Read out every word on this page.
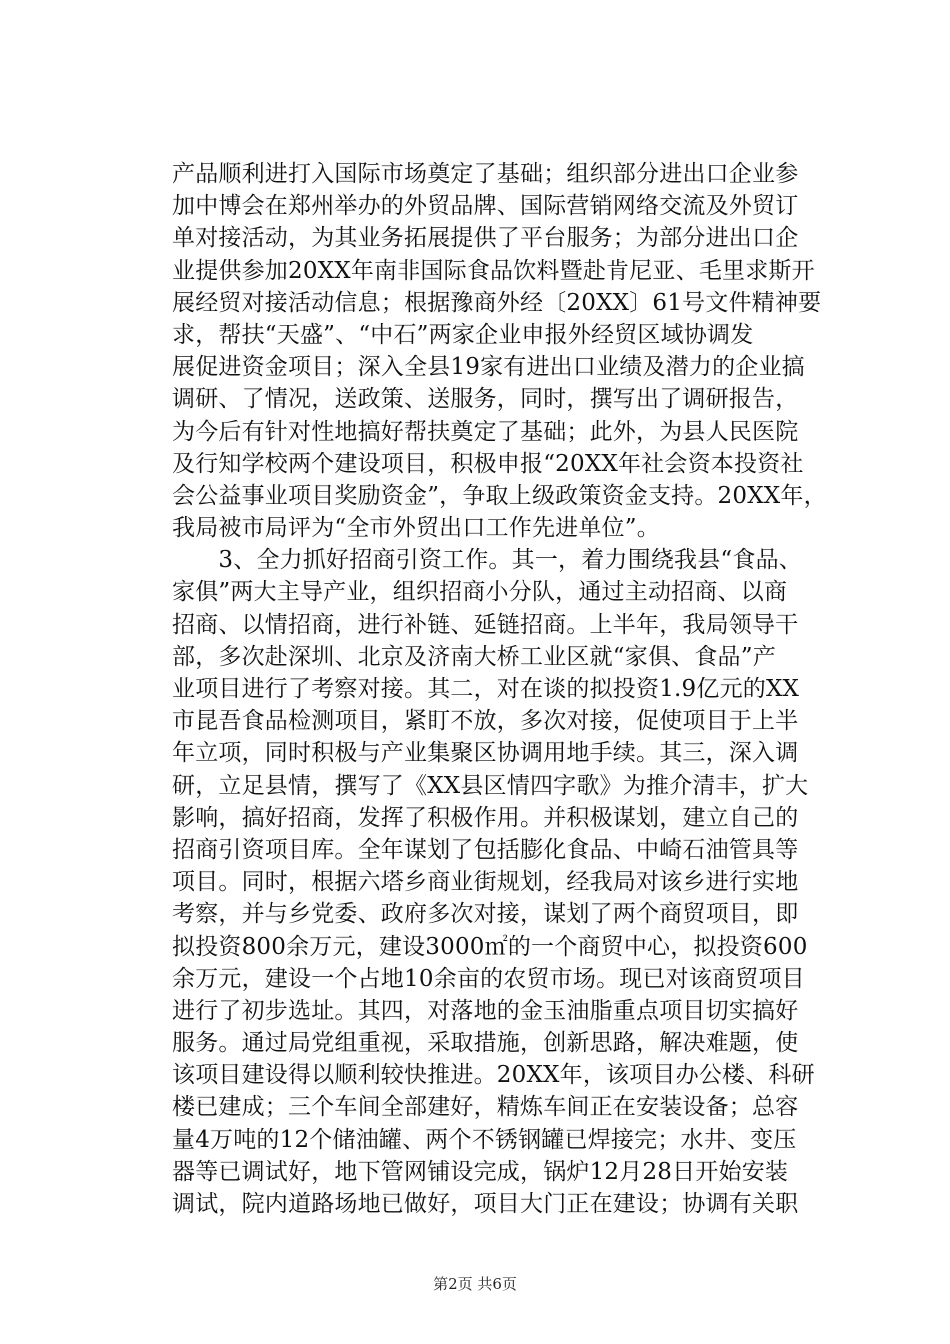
产品顺利进打入国际市场奠定了基础；组织部分进出口企业参
加中博会在郑州举办的外贸品牌、国际营销网络交流及外贸订
单对接活动，为其业务拓展提供了平台服务；为部分进出口企
业提供参加20XX年南非国际食品饮料暨赴肯尼亚、毛里求斯开
展经贸对接活动信息；根据豫商外经〔20XX〕61号文件精神要
求，帮扶“天盛”、“中石”两家企业申报外经贸区域协调发
展促进资金项目；深入全县19家有进出口业绩及潜力的企业搞
调研、了情况，送政策、送服务，同时，撰写出了调研报告，
为今后有针对性地搞好帮扶奠定了基础；此外，为县人民医院
及行知学校两个建设项目，积极申报“20XX年社会资本投资社
会公益事业项目奖励资金”，争取上级政策资金支持。20XX年，
我局被市局评为“全市外贸出口工作先进单位”。
　　3、全力抓好招商引资工作。其一，着力围绕我县“食品、
家俱”两大主导产业，组织招商小分队，通过主动招商、以商
招商、以情招商，进行补链、延链招商。上半年，我局领导干
部，多次赴深圳、北京及济南大桥工业区就“家俱、食品”产
业项目进行了考察对接。其二，对在谈的拟投资1.9亿元的XX
市昆吾食品检测项目，紧盯不放，多次对接，促使项目于上半
年立项，同时积极与产业集聚区协调用地手续。其三，深入调
研，立足县情，撰写了《XX县区情四字歌》为推介清丰，扩大
影响，搞好招商，发挥了积极作用。并积极谋划，建立自己的
招商引资项目库。全年谋划了包括膨化食品、中崎石油管具等
项目。同时，根据六塔乡商业街规划，经我局对该乡进行实地
考察，并与乡党委、政府多次对接，谋划了两个商贸项目，即
拟投资800余万元，建设3000㎡的一个商贸中心，拟投资600
余万元，建设一个占地10余亩的农贸市场。现已对该商贸项目
进行了初步选址。其四，对落地的金玉油脂重点项目切实搞好
服务。通过局党组重视，采取措施，创新思路，解决难题，使
该项目建设得以顺利较快推进。20XX年，该项目办公楼、科研
楼已建成；三个车间全部建好，精炼车间正在安装设备；总容
量4万吨的12个储油罐、两个不锈钢罐已焊接完；水井、变压
器等已调试好，地下管网铺设完成，锅炉12月28日开始安装
调试，院内道路场地已做好，项目大门正在建设；协调有关职
第2页 共6页
